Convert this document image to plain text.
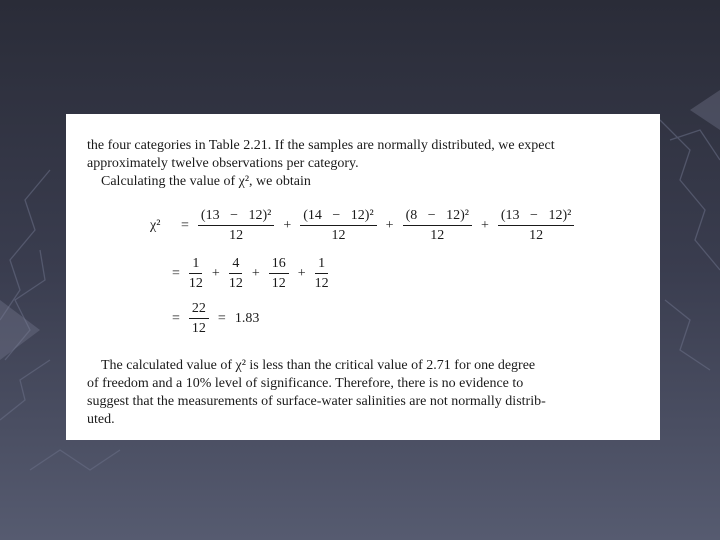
the four categories in Table 2.21. If the samples are normally distributed, we expect
approximately twelve observations per category.
Calculating the value of χ², we obtain
χ²	= $\frac{\text{(13 − 12)²}}{12} + \frac{\text{(14 − 12)²}}{12} + \frac{\text{(8 − 12)²}}{12} + \frac{\text{(13 − 12)²}}{12}$
= $\frac{1}{12} + \frac{4}{12} + \frac{16}{12} + \frac{1}{12}$
= $\frac{22}{12} = 1.83$
The calculated value of χ² is less than the critical value of 2.71 for one degree
of freedom and a 10% level of significance. Therefore, there is no evidence to
suggest that the measurements of surface-water salinities are not normally distrib-
uted.
